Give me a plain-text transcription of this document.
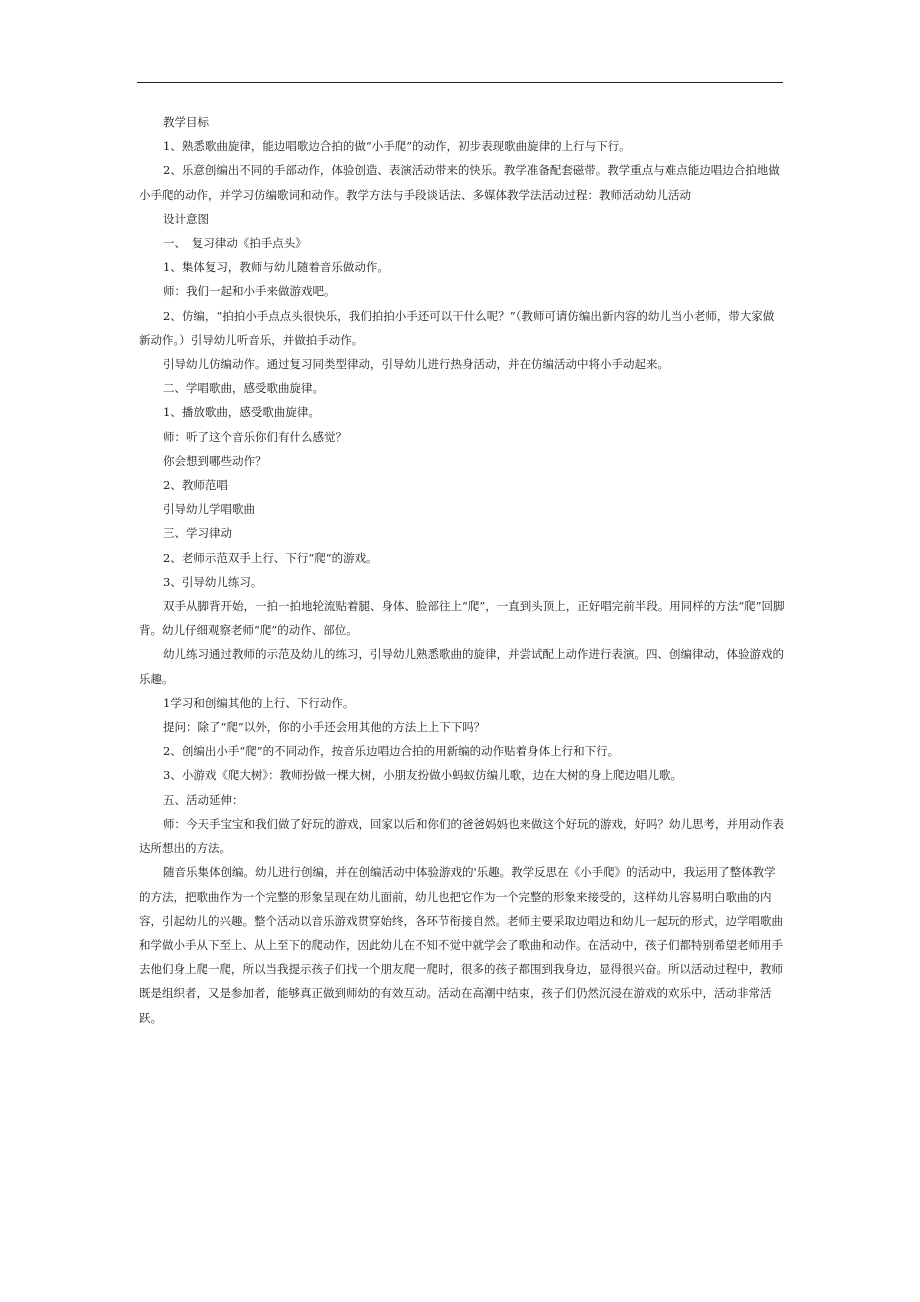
教学目标

1、熟悉歌曲旋律，能边唱歌边合拍的做“小手爬”的动作，初步表现歌曲旋律的上行与下行。

2、乐意创编出不同的手部动作，体验创造、表演活动带来的快乐。教学准备配套磁带。教学重点与难点能边唱边合拍地做小手爬的动作，并学习仿编歌词和动作。教学方法与手段谈话法、多媒体教学法活动过程：教师活动幼儿活动

设计意图

一、　复习律动《拍手点头》

1、集体复习，教师与幼儿随着音乐做动作。

师：我们一起和小手来做游戏吧。

2、仿编，“拍拍小手点点头很快乐，我们拍拍小手还可以干什么呢？”（教师可请仿编出新内容的幼儿当小老师，带大家做新动作。）引导幼儿听音乐，并做拍手动作。

引导幼儿仿编动作。通过复习同类型律动，引导幼儿进行热身活动，并在仿编活动中将小手动起来。

二、学唱歌曲，感受歌曲旋律。

1、播放歌曲，感受歌曲旋律。

师：听了这个音乐你们有什么感觉？

你会想到哪些动作？

2、教师范唱

引导幼儿学唱歌曲

三、学习律动

2、老师示范双手上行、下行“爬”的游戏。

3、引导幼儿练习。

双手从脚背开始，一拍一拍地轮流贴着腿、身体、脸部往上“爬”，一直到头顶上，正好唱完前半段。用同样的方法“爬”回脚背。幼儿仔细观察老师“爬”的动作、部位。

幼儿练习通过教师的示范及幼儿的练习，引导幼儿熟悉歌曲的旋律，并尝试配上动作进行表演。四、创编律动，体验游戏的乐趣。

1学习和创编其他的上行、下行动作。

提问：除了“爬”以外，你的小手还会用其他的方法上上下下吗？

2、创编出小手“爬”的不同动作，按音乐边唱边合拍的用新编的动作贴着身体上行和下行。

3、小游戏《爬大树》：教师扮做一棵大树，小朋友扮做小蚂蚁仿编儿歌，边在大树的身上爬边唱儿歌。

五、活动延伸：

师：今天手宝宝和我们做了好玩的游戏，回家以后和你们的爸爸妈妈也来做这个好玩的游戏，好吗？幼儿思考，并用动作表达所想出的方法。

随音乐集体创编。幼儿进行创编，并在创编活动中体验游戏的'乐趣。教学反思在《小手爬》的活动中，我运用了整体教学的方法，把歌曲作为一个完整的形象呈现在幼儿面前，幼儿也把它作为一个完整的形象来接受的，这样幼儿容易明白歌曲的内容，引起幼儿的兴趣。整个活动以音乐游戏贯穿始终，各环节衔接自然。老师主要采取边唱边和幼儿一起玩的形式，边学唱歌曲和学做小手从下至上、从上至下的爬动作，因此幼儿在不知不觉中就学会了歌曲和动作。在活动中，孩子们都特别希望老师用手去他们身上爬一爬，所以当我提示孩子们找一个朋友爬一爬时，很多的孩子都围到我身边，显得很兴奋。所以活动过程中，教师既是组织者，又是参加者，能够真正做到师幼的有效互动。活动在高潮中结束，孩子们仍然沉浸在游戏的欢乐中，活动非常活跃。
